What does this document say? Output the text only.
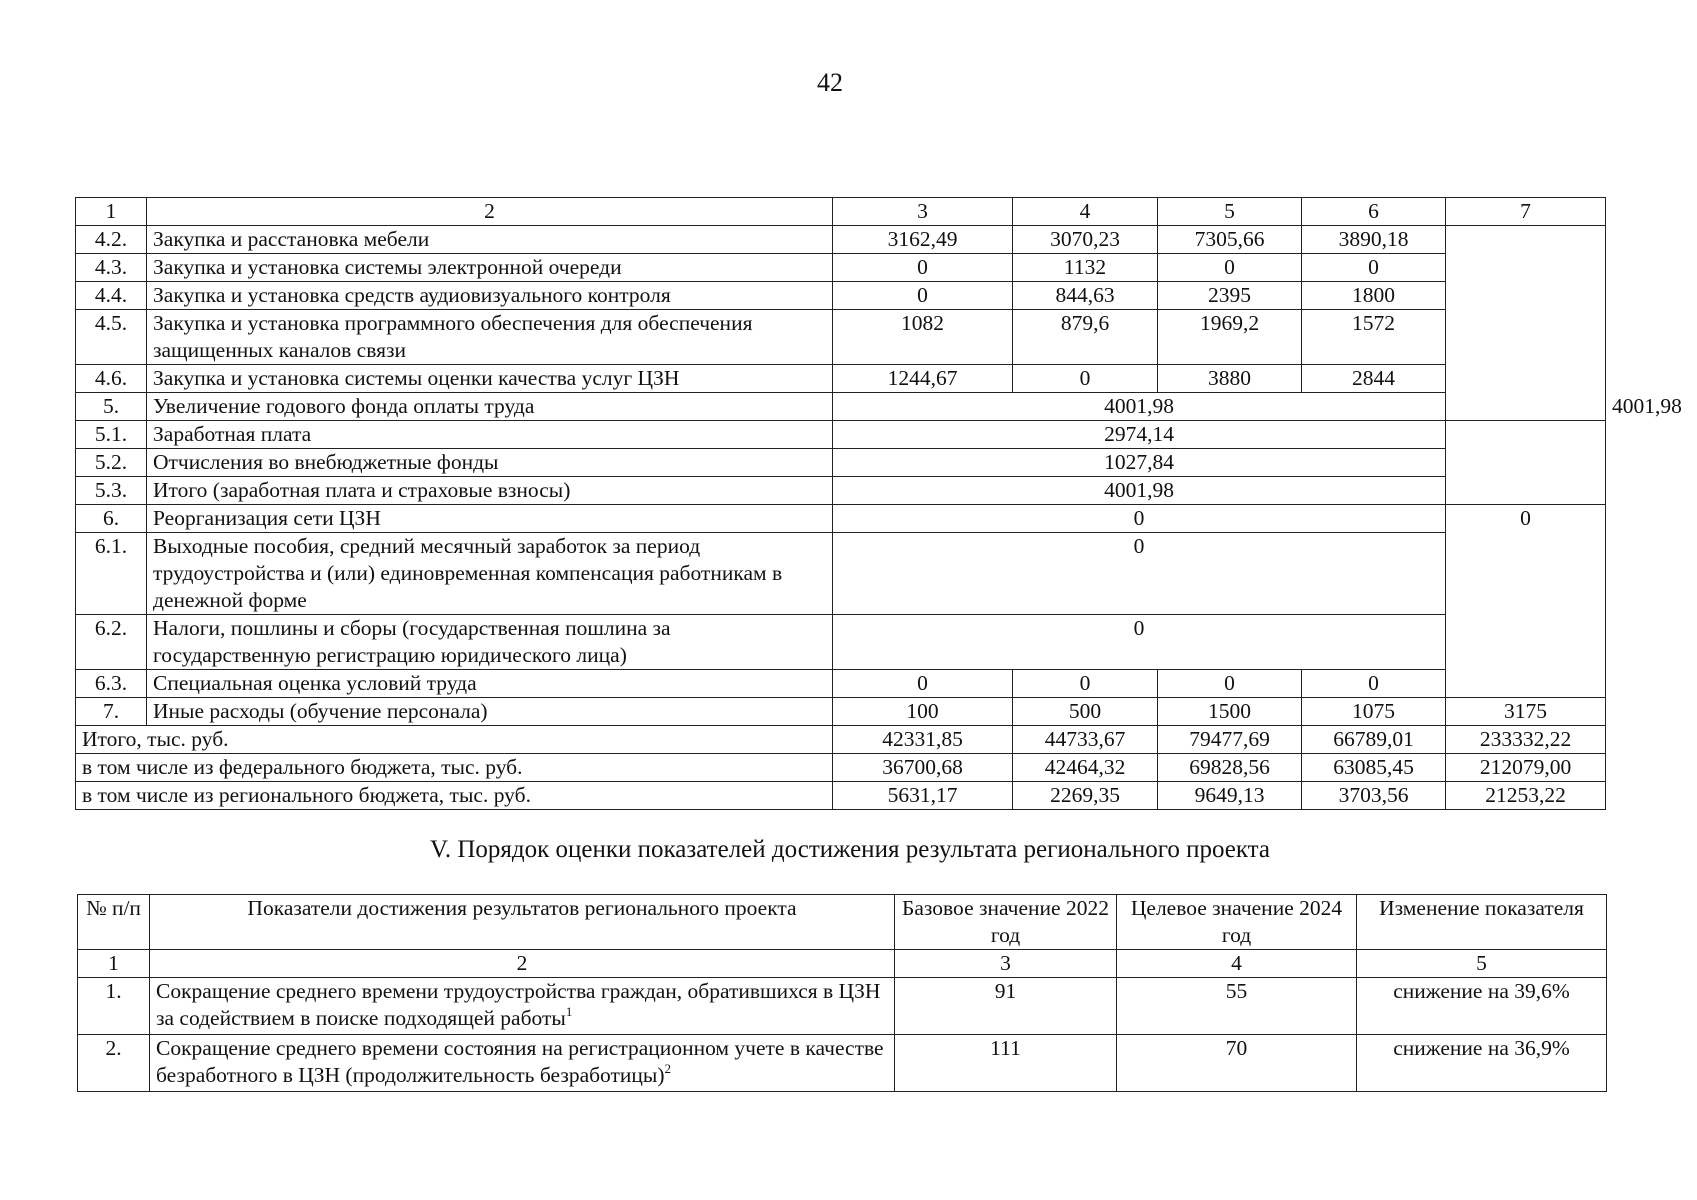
42
1	2	3	4	5	6	7	
4.2.	Закупка и расстановка мебели	3162,49	3070,23	7305,66	3890,18		
4.3.	Закупка и установка системы электронной очереди	0	1132	0	0		
4.4.	Закупка и установка средств аудиовизуального контроля	0	844,63	2395	1800		
4.5.	Закупка и установка программного обеспечения для обеспечения защищенных каналов связи	1082	879,6	1969,2	1572		
4.6.	Закупка и установка системы оценки качества услуг ЦЗН	1244,67	0	3880	2844		
5.	Увеличение годового фонда оплаты труда	4001,98					4001,98
5.1.	Заработная плата	2974,14					
5.2.	Отчисления во внебюджетные фонды	1027,84					
5.3.	Итого (заработная плата и страховые взносы)	4001,98					
6.	Реорганизация сети ЦЗН	0				0	
6.1.	Выходные пособия, средний месячный заработок за период трудоустройства и (или) единовременная компенсация работникам в денежной форме	0					
6.2.	Налоги, пошлины и сборы (государственная пошлина за государственную регистрацию юридического лица)	0					
6.3.	Специальная оценка условий труда	0	0	0	0		
7.	Иные расходы (обучение персонала)	100	500	1500	1075	3175	
Итого, тыс. руб.		42331,85	44733,67	79477,69	66789,01	233332,22	
в том числе из федерального бюджета, тыс. руб.		36700,68	42464,32	69828,56	63085,45	212079,00	
в том числе из регионального бюджета, тыс. руб.		5631,17	2269,35	9649,13	3703,56	21253,22	
V. Порядок оценки показателей достижения результата регионального проекта
№ п/п	Показатели достижения результатов регионального проекта	Базовое значение 2022 год	Целевое значение 2024 год	Изменение показателя
1	2	3	4	5
1.	Сокращение среднего времени трудоустройства граждан, обратившихся в ЦЗН за содействием в поиске подходящей работы$^1$	91	55	снижение на 39,6%
2.	Сокращение среднего времени состояния на регистрационном учете в качестве безработного в ЦЗН (продолжительность безработицы)$^2$	111	70	снижение на 36,9%
